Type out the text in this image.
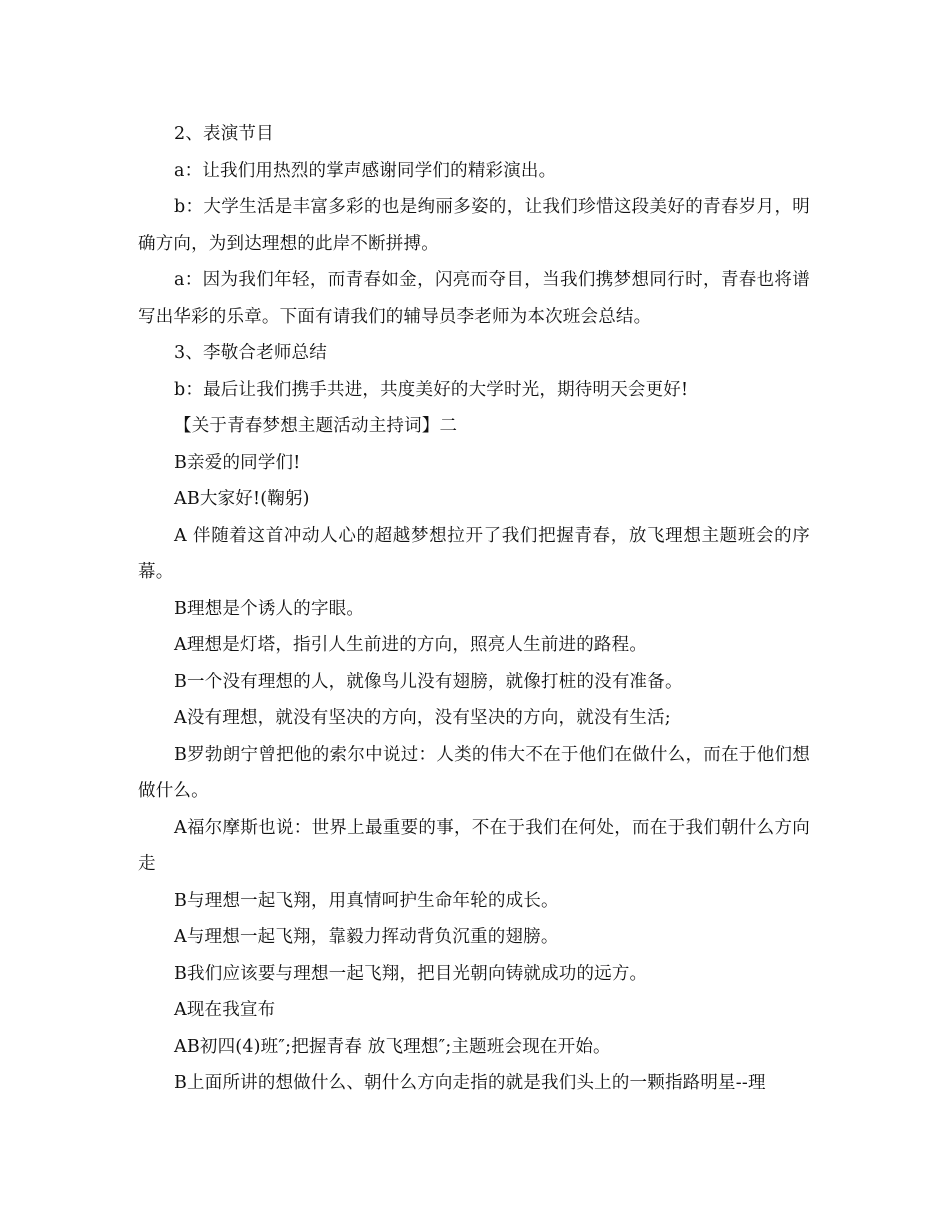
2、表演节目

a：让我们用热烈的掌声感谢同学们的精彩演出。

b：大学生活是丰富多彩的也是绚丽多姿的，让我们珍惜这段美好的青春岁月，明确方向，为到达理想的此岸不断拼搏。

a：因为我们年轻，而青春如金，闪亮而夺目，当我们携梦想同行时，青春也将谱写出华彩的乐章。下面有请我们的辅导员李老师为本次班会总结。

3、李敬合老师总结

b：最后让我们携手共进，共度美好的大学时光，期待明天会更好!

【关于青春梦想主题活动主持词】二

B亲爱的同学们!

AB大家好!(鞠躬)

A 伴随着这首冲动人心的超越梦想拉开了我们把握青春，放飞理想主题班会的序幕。

B理想是个诱人的字眼。

A理想是灯塔，指引人生前进的方向，照亮人生前进的路程。

B一个没有理想的人，就像鸟儿没有翅膀，就像打桩的没有准备。

A没有理想，就没有坚决的方向，没有坚决的方向，就没有生活;

B罗勃朗宁曾把他的索尔中说过：人类的伟大不在于他们在做什么，而在于他们想做什么。

A福尔摩斯也说：世界上最重要的事，不在于我们在何处，而在于我们朝什么方向走

B与理想一起飞翔，用真情呵护生命年轮的成长。

A与理想一起飞翔，靠毅力挥动背负沉重的翅膀。

B我们应该要与理想一起飞翔，把目光朝向铸就成功的远方。

A现在我宣布

AB初四(4)班″;把握青春 放飞理想″;主题班会现在开始。

B上面所讲的想做什么、朝什么方向走指的就是我们头上的一颗指路明星--理
